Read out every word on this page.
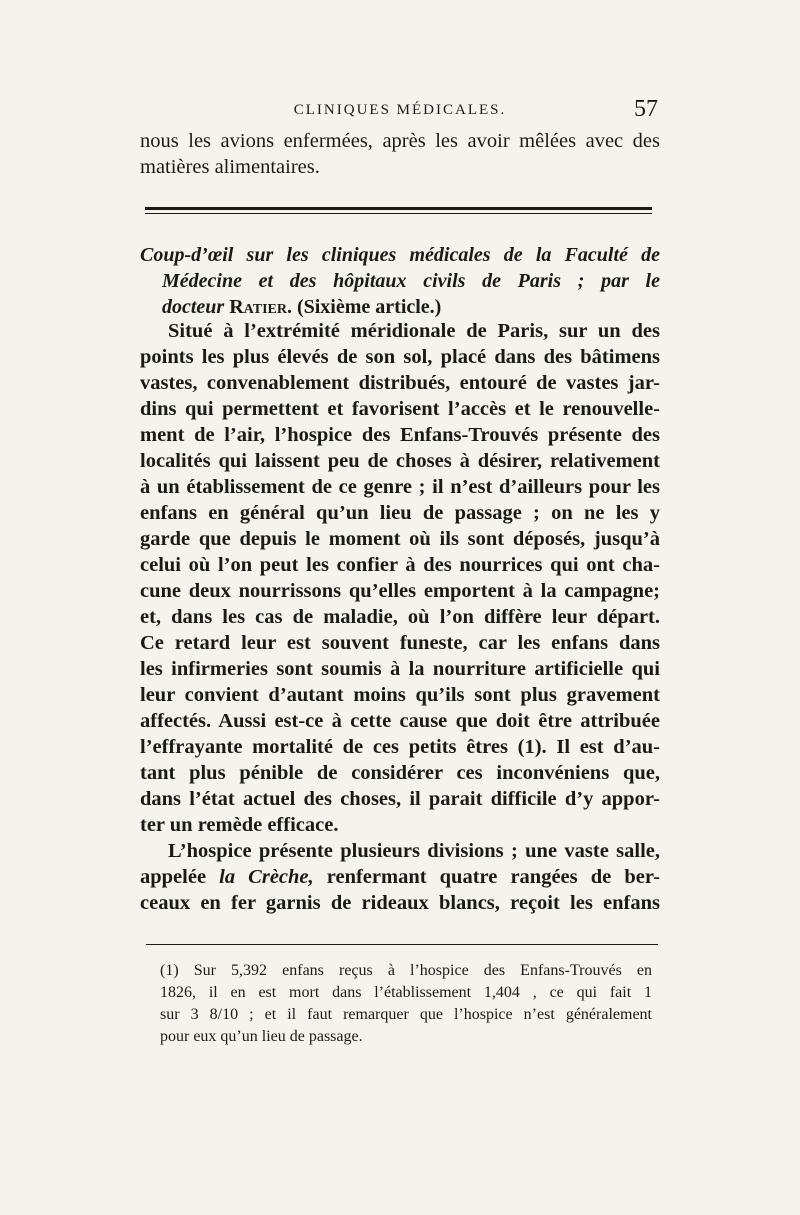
CLINIQUES MÉDICALES.	57
nous les avions enfermées, après les avoir mêlées avec des
matières alimentaires.
Coup-d’œil sur les cliniques médicales de la Faculté de
Médecine et des hôpitaux civils de Paris ; par le
docteur Ratier. (Sixième article.)
Situé à l’extrémité méridionale de Paris, sur un des
points les plus élevés de son sol, placé dans des bâtimens
vastes, convenablement distribués, entouré de vastes jar-
dins qui permettent et favorisent l’accès et le renouvelle-
ment de l’air, l’hospice des Enfans-Trouvés présente des
localités qui laissent peu de choses à désirer, relativement
à un établissement de ce genre ; il n’est d’ailleurs pour les
enfans en général qu’un lieu de passage ; on ne les y
garde que depuis le moment où ils sont déposés, jusqu’à
celui où l’on peut les confier à des nourrices qui ont cha-
cune deux nourrissons qu’elles emportent à la campagne;
et, dans les cas de maladie, où l’on diffère leur départ.
Ce retard leur est souvent funeste, car les enfans dans
les infirmeries sont soumis à la nourriture artificielle qui
leur convient d’autant moins qu’ils sont plus gravement
affectés. Aussi est-ce à cette cause que doit être attribuée
l’effrayante mortalité de ces petits êtres (1). Il est d’au-
tant plus pénible de considérer ces inconvéniens que,
dans l’état actuel des choses, il parait difficile d’y appor-
ter un remède efficace.
L’hospice présente plusieurs divisions ; une vaste salle,
appelée la Crèche, renfermant quatre rangées de ber-
ceaux en fer garnis de rideaux blancs, reçoit les enfans
(1) Sur 5,392 enfans reçus à l’hospice des Enfans-Trouvés en
1826, il en est mort dans l’établissement 1,404 , ce qui fait 1
sur 3 8/10 ; et il faut remarquer que l’hospice n’est généralement
pour eux qu’un lieu de passage.
